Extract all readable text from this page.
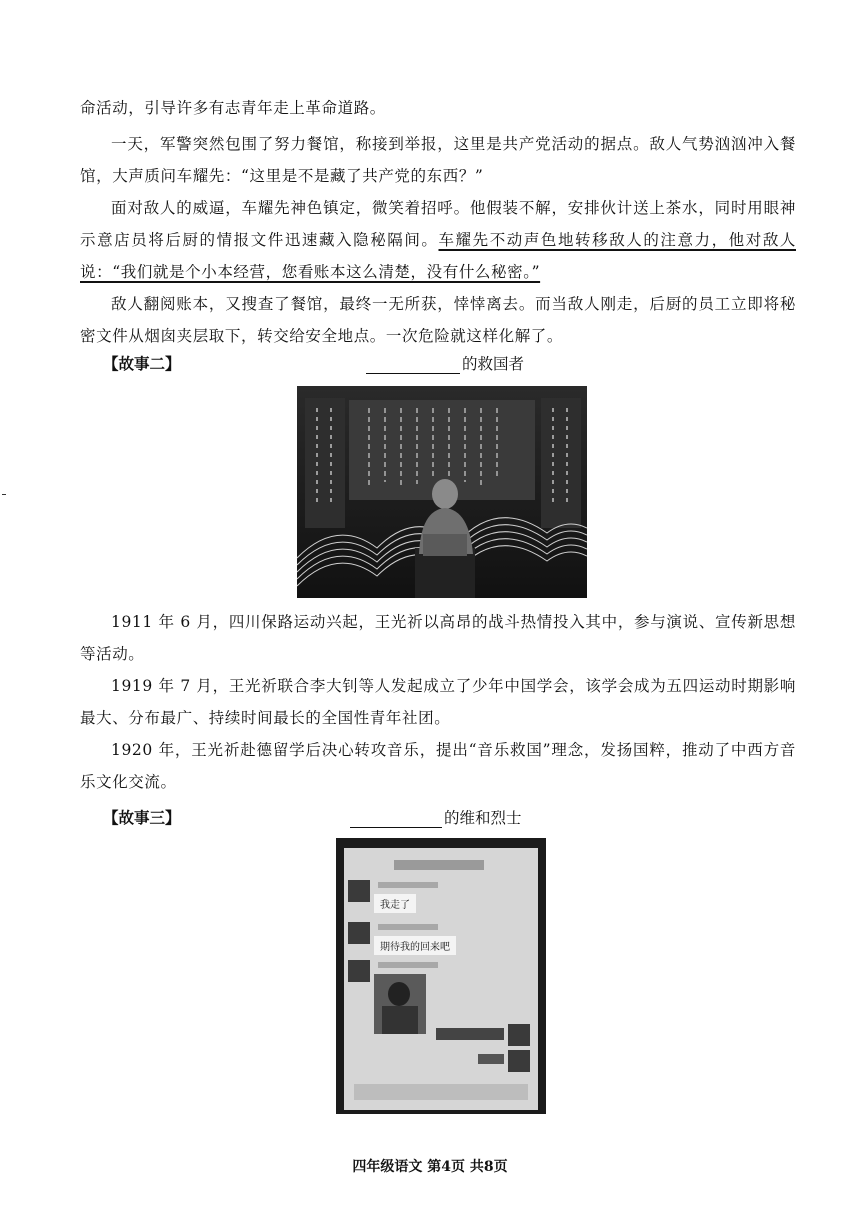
命活动，引导许多有志青年走上革命道路。

一天，军警突然包围了努力餐馆，称接到举报，这里是共产党活动的据点。敌人气势汹汹冲入餐馆，大声质问车耀先：“这里是不是藏了共产党的东西？”

面对敌人的威逼，车耀先神色镇定，微笑着招呼。他假装不解，安排伙计送上茶水，同时用眼神示意店员将后厨的情报文件迅速藏入隐秘隔间。车耀先不动声色地转移敌人的注意力，他对敌人说：“我们就是个小本经营，您看账本这么清楚，没有什么秘密。”

敌人翻阅账本，又搜查了餐馆，最终一无所获，悻悻离去。而当敌人刚走，后厨的员工立即将秘密文件从烟囱夹层取下，转交给安全地点。一次危险就这样化解了。

【故事二】	的救国者

1911 年 6 月，四川保路运动兴起，王光祈以高昂的战斗热情投入其中，参与演说、宣传新思想等活动。

1919 年 7 月，王光祈联合李大钊等人发起成立了少年中国学会，该学会成为五四运动时期影响最大、分布最广、持续时间最长的全国性青年社团。

1920 年，王光祈赴德留学后决心转攻音乐，提出“音乐救国”理念，发扬国粹，推动了中西方音乐文化交流。

【故事三】	的维和烈士

我走了
期待我的回来吧
四年级语文 第4页 共8页
